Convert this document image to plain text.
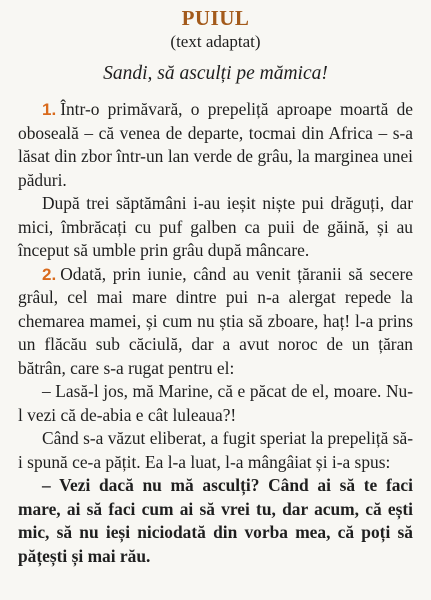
PUIUL

(text adaptat)

Sandi, să asculți pe mămica!

1. Într-o primăvară, o prepeliță aproape moartă de oboseală – că venea de departe, tocmai din Africa – s-a lăsat din zbor într-un lan verde de grâu, la marginea unei păduri.

După trei săptămâni i-au ieșit niște pui drăguți, dar mici, îmbrăcați cu puf galben ca puii de găină, și au început să umble prin grâu după mâncare.

2. Odată, prin iunie, când au venit țăranii să secere grâul, cel mai mare dintre pui n-a alergat repede la chemarea mamei, și cum nu știa să zboare, haț! l-a prins un flăcău sub căciulă, dar a avut noroc de un țăran bătrân, care s-a rugat pentru el:

– Lasă-l jos, mă Marine, că e păcat de el, moare. Nu-l vezi că de-abia e cât luleaua?!

Când s-a văzut eliberat, a fugit speriat la prepeliță să-i spună ce-a pățit. Ea l-a luat, l-a mângâiat și i-a spus:

– Vezi dacă nu mă asculți? Când ai să te faci mare, ai să faci cum ai să vrei tu, dar acum, că ești mic, să nu ieși niciodată din vorba mea, că poți să pățești și mai rău.
